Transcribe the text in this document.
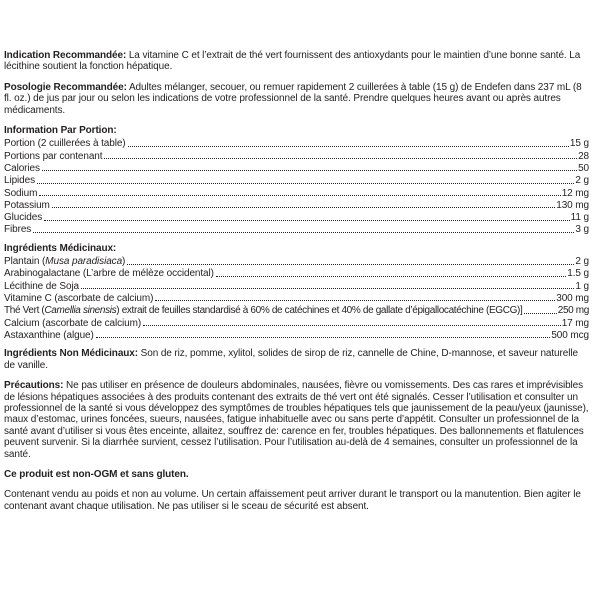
Indication Recommandée: La vitamine C et l’extrait de thé vert fournissent des antioxydants pour le maintien d’une bonne santé. La lécithine soutient la fonction hépatique.

Posologie Recommandée: Adultes mélanger, secouer, ou remuer rapidement 2 cuillerées à table (15 g) de Endefen dans 237 mL (8 fl. oz.) de jus par jour ou selon les indications de votre professionnel de la santé. Prendre quelques heures avant ou après autres médicaments.

Information Par Portion:
Portion (2 cuillerées à table)	15 g
Portions par contenant	28
Calories	50
Lipides	2 g
Sodium	12 mg
Potassium	130 mg
Glucides	11 g
Fibres	3 g
Ingrédients Médicinaux:
Plantain (Musa paradisiaca)	2 g
Arabinogalactane (L’arbre de mélèze occidental)	1.5 g
Lécithine de Soja	1 g
Vitamine C (ascorbate de calcium)	300 mg
Thé Vert (Camellia sinensis) extrait de feuilles standardisé à 60% de catéchines et 40% de gallate d’épigallocatéchine (EGCG)]	250 mg
Calcium (ascorbate de calcium)	17 mg
Astaxanthine (algue)	500 mcg

Ingrédients Non Médicinaux: Son de riz, pomme, xylitol, solides de sirop de riz, cannelle de Chine, D-mannose, et saveur naturelle de vanille.

Précautions: Ne pas utiliser en présence de douleurs abdominales, nausées, fièvre ou vomissements. Des cas rares et imprévisibles de lésions hépatiques associées à des produits contenant des extraits de thé vert ont été signalés. Cesser l’utilisation et consulter un professionnel de la santé si vous développez des symptômes de troubles hépatiques tels que jaunissement de la peau/yeux (jaunisse), maux d’estomac, urines foncées, sueurs, nausées, fatigue inhabituelle avec ou sans perte d’appétit. Consulter un professionnel de la santé avant d’utiliser si vous êtes enceinte, allaitez, souffrez de: carence en fer, troubles hépatiques. Des ballonnements et flatulences peuvent survenir. Si la diarrhée survient, cessez l’utilisation. Pour l’utilisation au-delà de 4 semaines, consulter un professionnel de la santé.

Ce produit est non-OGM et sans gluten.

Contenant vendu au poids et non au volume. Un certain affaissement peut arriver durant le transport ou la manutention. Bien agiter le contenant avant chaque utilisation. Ne pas utiliser si le sceau de sécurité est absent.
